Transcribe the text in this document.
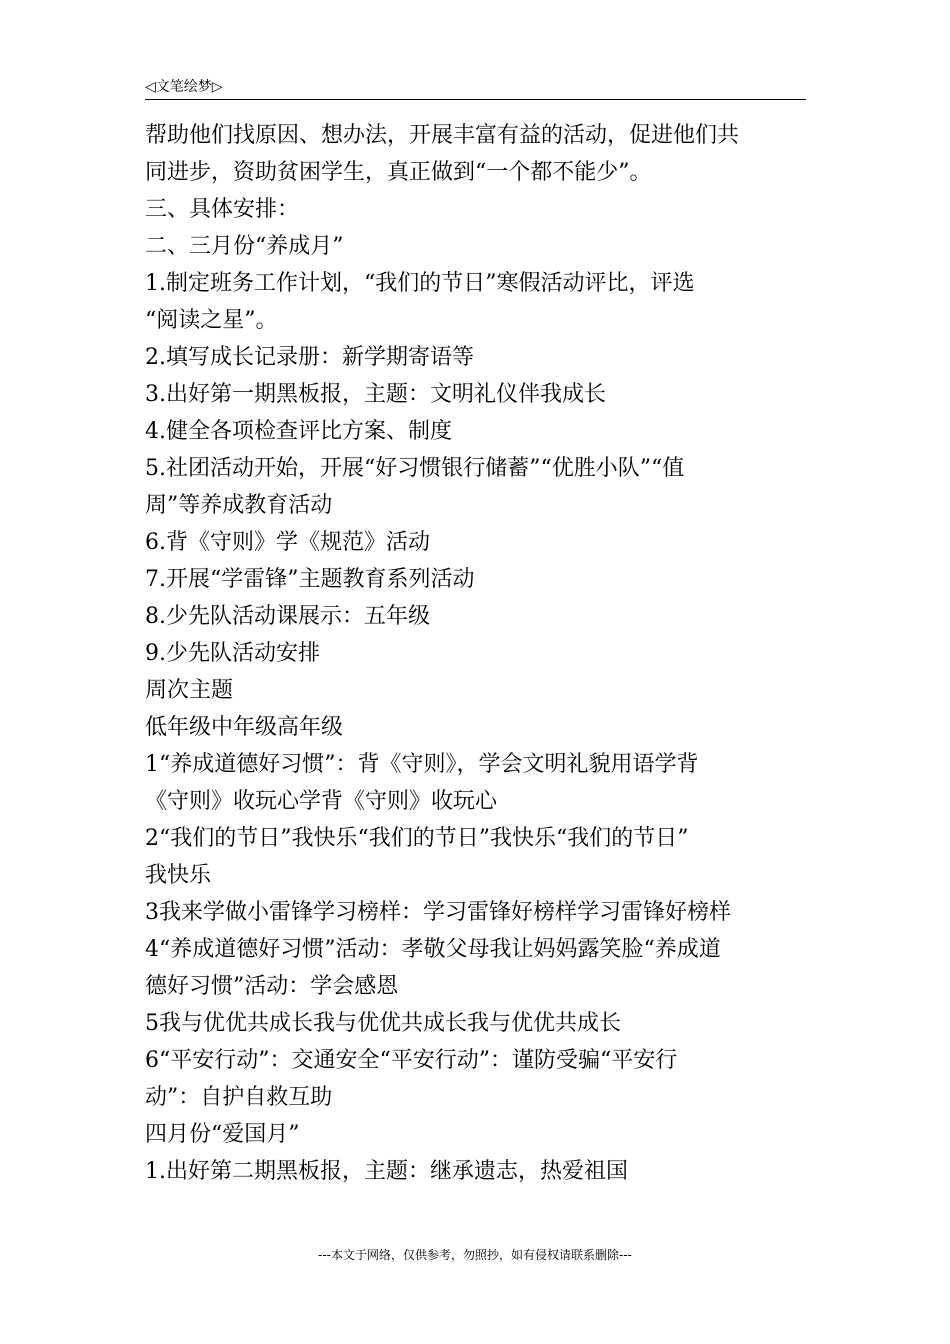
◁文笔绘梦▷
帮助他们找原因、想办法，开展丰富有益的活动，促进他们共
同进步，资助贫困学生，真正做到“一个都不能少”。
三、具体安排：
二、三月份“养成月”
1.制定班务工作计划，“我们的节日”寒假活动评比，评选
“阅读之星”。
2.填写成长记录册：新学期寄语等
3.出好第一期黑板报，主题：文明礼仪伴我成长
4.健全各项检查评比方案、制度
5.社团活动开始，开展“好习惯银行储蓄”“优胜小队”“值
周”等养成教育活动
6.背《守则》学《规范》活动
7.开展“学雷锋”主题教育系列活动
8.少先队活动课展示：五年级
9.少先队活动安排
周次主题
低年级中年级高年级
1“养成道德好习惯”：背《守则》，学会文明礼貌用语学背
《守则》收玩心学背《守则》收玩心
2“我们的节日”我快乐“我们的节日”我快乐“我们的节日”
我快乐
3我来学做小雷锋学习榜样：学习雷锋好榜样学习雷锋好榜样
4“养成道德好习惯”活动：孝敬父母我让妈妈露笑脸“养成道
德好习惯”活动：学会感恩
5我与优优共成长我与优优共成长我与优优共成长
6“平安行动”：交通安全“平安行动”：谨防受骗“平安行
动”：自护自救互助
四月份“爱国月”
1.出好第二期黑板报，主题：继承遗志，热爱祖国
---本文于网络，仅供参考，勿照抄，如有侵权请联系删除---
